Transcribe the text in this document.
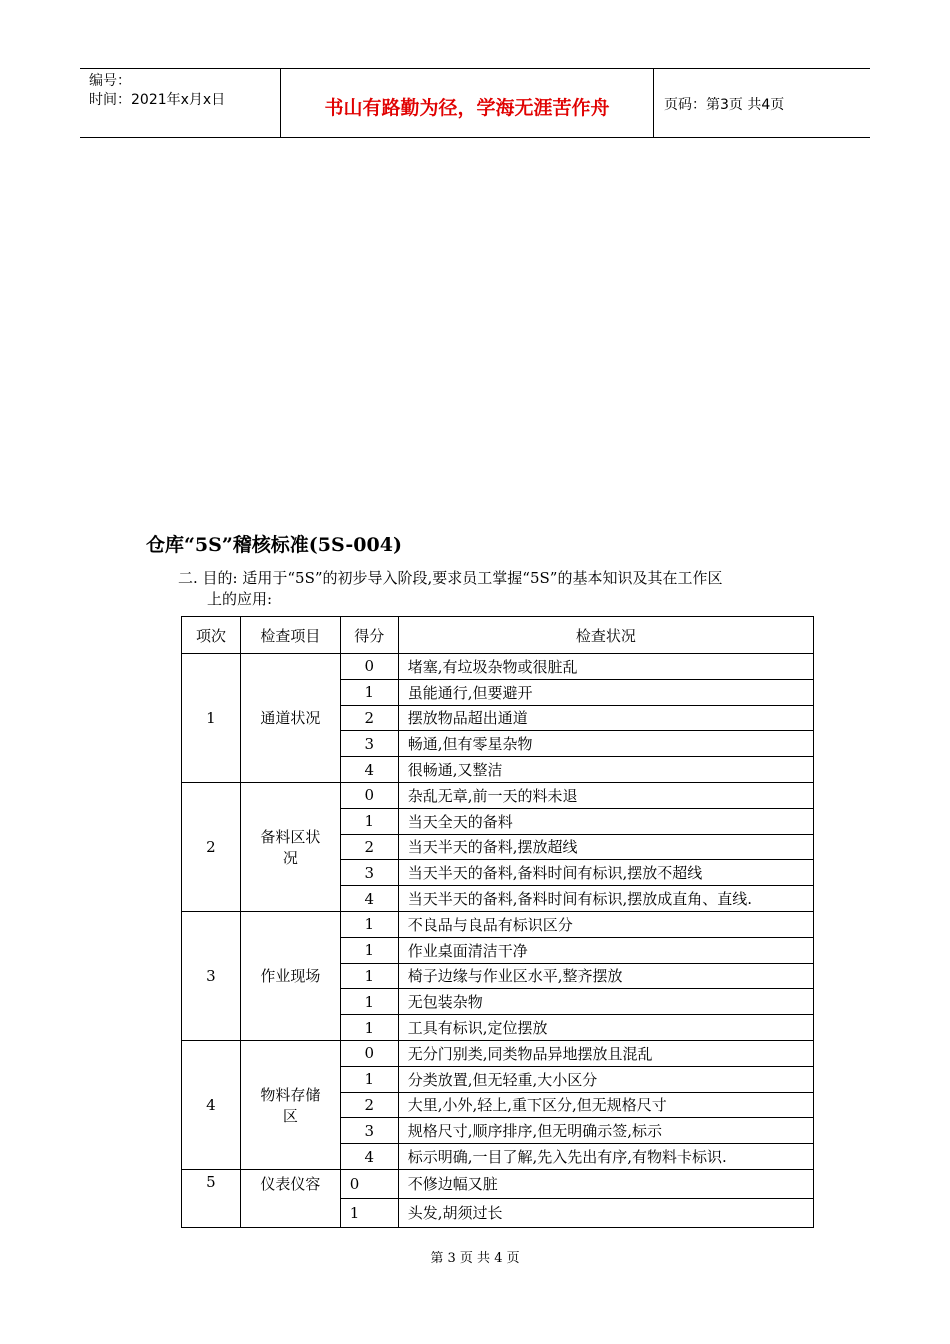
编号：
时间：2021年x月x日	书山有路勤为径，学海无涯苦作舟	页码：第3页 共4页
仓库“5S”稽核标准(5S-004)
二. 目的: 适用于“5S”的初步导入阶段,要求员工掌握“5S”的基本知识及其在工作区
上的应用:
项次	检查项目	得分	检查状况
1	通道状况	0	堵塞,有垃圾杂物或很脏乱
		1	虽能通行,但要避开
		2	摆放物品超出通道
		3	畅通,但有零星杂物
		4	很畅通,又整洁
2	备料区状况	0	杂乱无章,前一天的料未退
		1	当天全天的备料
		2	当天半天的备料,摆放超线
		3	当天半天的备料,备料时间有标识,摆放不超线
		4	当天半天的备料,备料时间有标识,摆放成直角、直线.
3	作业现场	1	不良品与良品有标识区分
		1	作业桌面清洁干净
		1	椅子边缘与作业区水平,整齐摆放
		1	无包装杂物
		1	工具有标识,定位摆放
4	物料存储区	0	无分门别类,同类物品异地摆放且混乱
		1	分类放置,但无轻重,大小区分
		2	大里,小外,轻上,重下区分,但无规格尺寸
		3	规格尺寸,顺序排序,但无明确示签,标示
		4	标示明确,一目了解,先入先出有序,有物料卡标识.
5	仪表仪容	0	不修边幅又脏
		1	头发,胡须过长
第 3 页 共 4 页
